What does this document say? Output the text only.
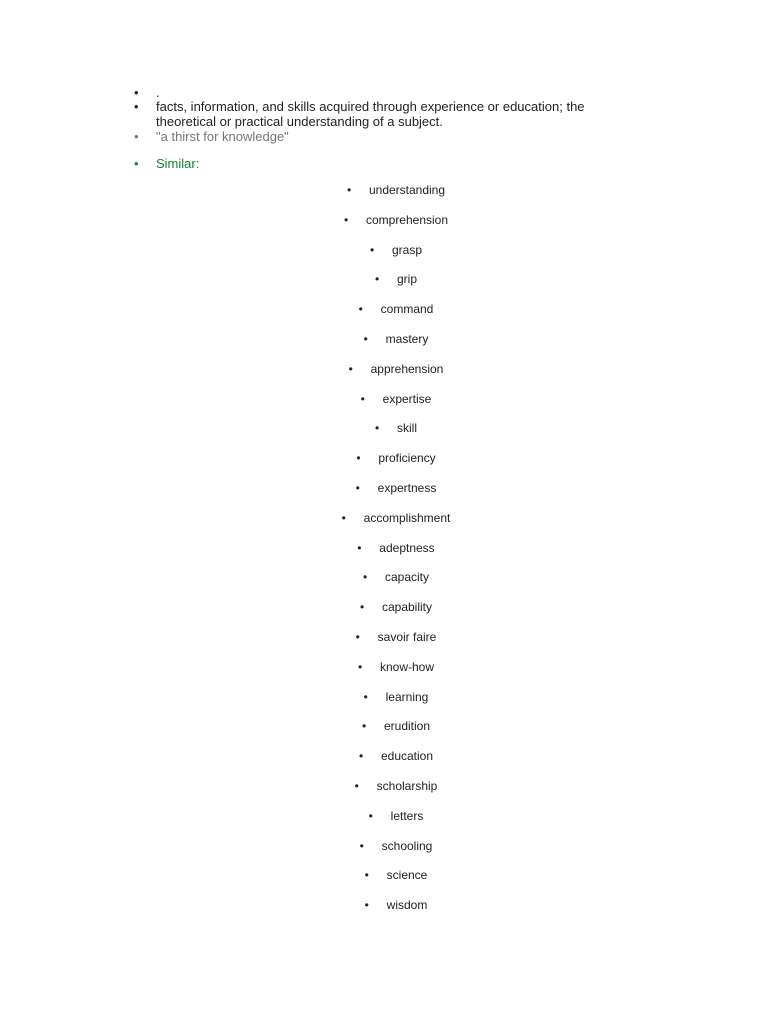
•	.
•	facts, information, and skills acquired through experience or education; the theoretical or practical understanding of a subject.
•	"a thirst for knowledge"
•	Similar:
• understanding
• comprehension
• grasp
• grip
• command
• mastery
• apprehension
• expertise
• skill
• proficiency
• expertness
• accomplishment
• adeptness
• capacity
• capability
• savoir faire
• know-how
• learning
• erudition
• education
• scholarship
• letters
• schooling
• science
• wisdom
